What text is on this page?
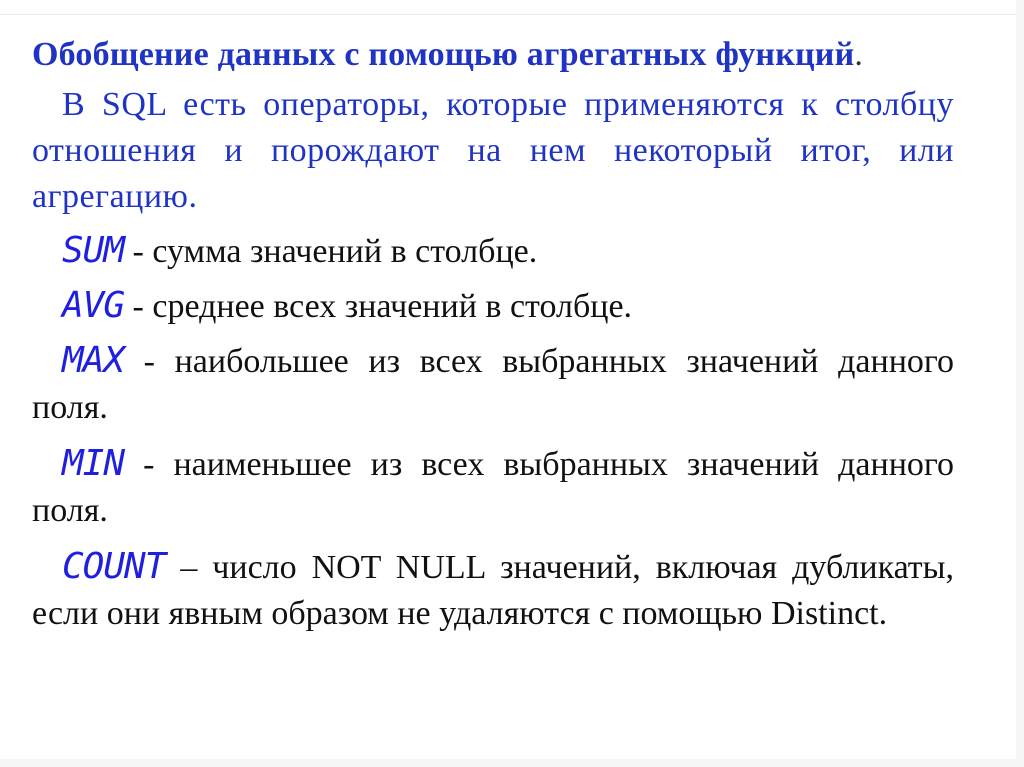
Обобщение данных с помощью агрегатных функций.

В SQL есть операторы, которые применяются к столбцу отношения и порождают на нем некоторый итог, или агрегацию.

SUM - сумма значений в столбце.

AVG - среднее всех значений в столбце.

MAX - наибольшее из всех выбранных значений данного поля.

MIN - наименьшее из всех выбранных значений данного поля.

COUNT – число NOT NULL значений, включая дубликаты, если они явным образом не удаляются с помощью Distinct.
